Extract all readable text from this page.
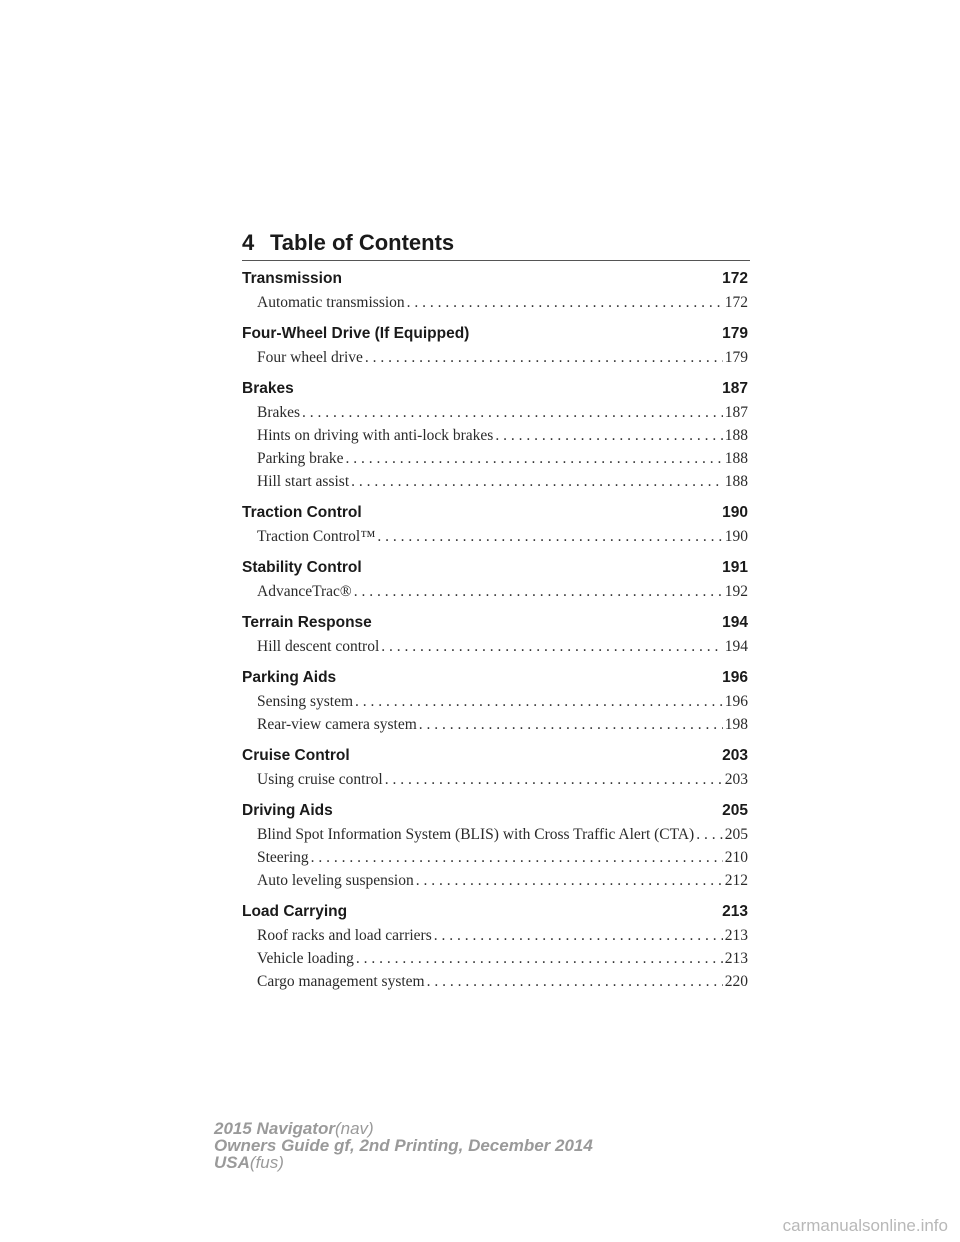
4 Table of Contents
Transmission	172
Automatic transmission . . .	172
Four-Wheel Drive (If Equipped)	179
Four wheel drive . . .	179
Brakes	187
Brakes . . .	187
Hints on driving with anti-lock brakes . . .	188
Parking brake . . .	188
Hill start assist . . .	188
Traction Control	190
Traction Control™ . . .	190
Stability Control	191
AdvanceTrac® . . .	192
Terrain Response	194
Hill descent control . . .	194
Parking Aids	196
Sensing system . . .	196
Rear-view camera system . . .	198
Cruise Control	203
Using cruise control . . .	203
Driving Aids	205
Blind Spot Information System (BLIS) with Cross Traffic Alert (CTA) . . . 205
Steering . . .	210
Auto leveling suspension . . .	212
Load Carrying	213
Roof racks and load carriers . . .	213
Vehicle loading . . .	213
Cargo management system . . .	220
2015 Navigator(nav)
Owners Guide gf, 2nd Printing, December 2014
USA(fus)
carmanualsonline.info
